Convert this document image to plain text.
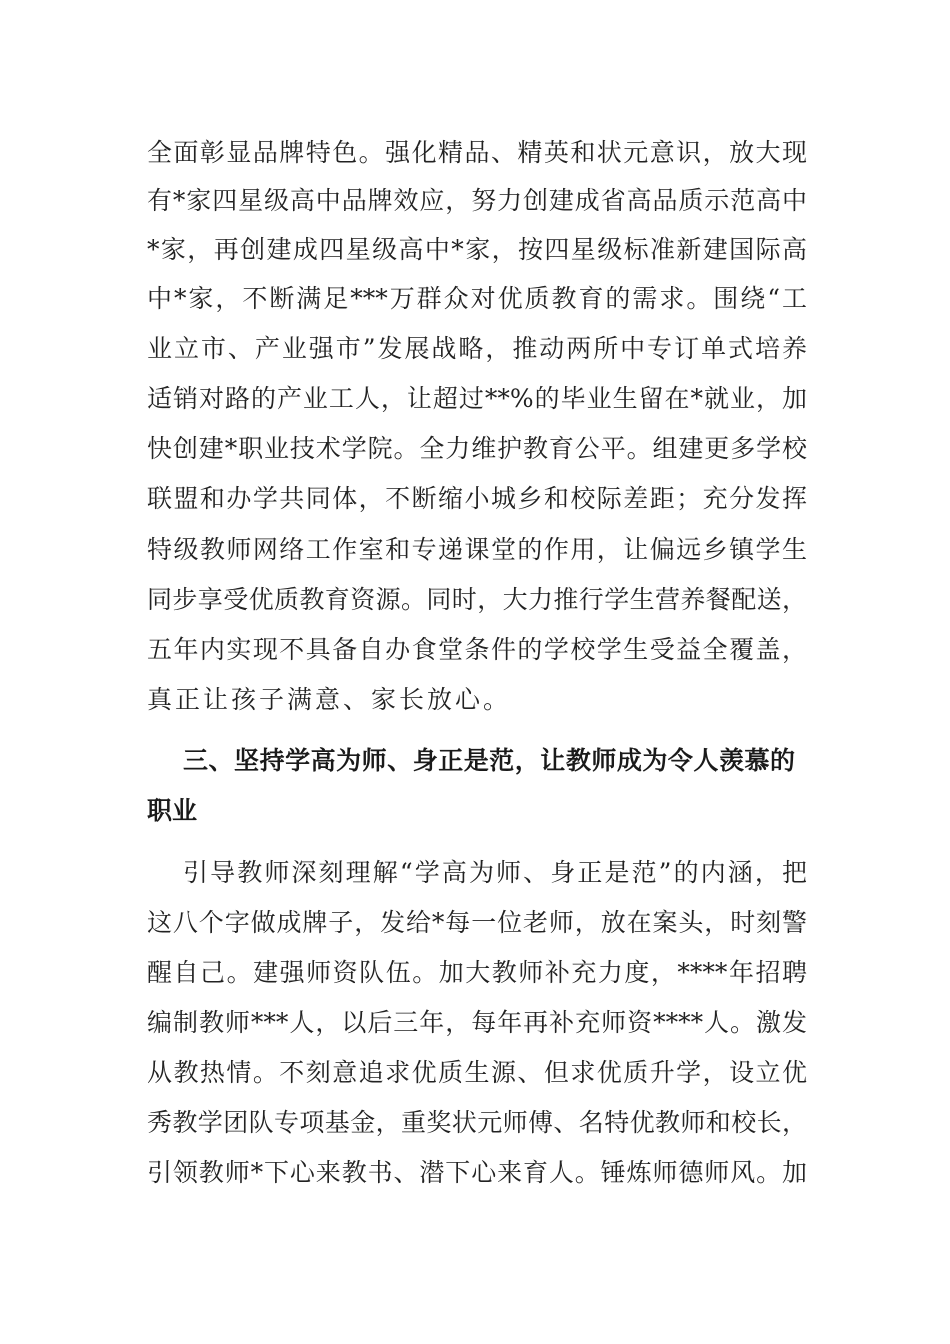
全面彰显品牌特色。强化精品、精英和状元意识，放大现
有*家四星级高中品牌效应，努力创建成省高品质示范高中
*家，再创建成四星级高中*家，按四星级标准新建国际高
中*家，不断满足***万群众对优质教育的需求。围绕“工
业立市、产业强市”发展战略，推动两所中专订单式培养
适销对路的产业工人，让超过**%的毕业生留在*就业，加
快创建*职业技术学院。全力维护教育公平。组建更多学校
联盟和办学共同体，不断缩小城乡和校际差距；充分发挥
特级教师网络工作室和专递课堂的作用，让偏远乡镇学生
同步享受优质教育资源。同时，大力推行学生营养餐配送，
五年内实现不具备自办食堂条件的学校学生受益全覆盖，
真正让孩子满意、家长放心。
三、坚持学高为师、身正是范，让教师成为令人羡慕的
职业
引导教师深刻理解“学高为师、身正是范”的内涵，把
这八个字做成牌子，发给*每一位老师，放在案头，时刻警
醒自己。建强师资队伍。加大教师补充力度，****年招聘
编制教师***人，以后三年，每年再补充师资****人。激发
从教热情。不刻意追求优质生源、但求优质升学，设立优
秀教学团队专项基金，重奖状元师傅、名特优教师和校长，
引领教师*下心来教书、潜下心来育人。锤炼师德师风。加
